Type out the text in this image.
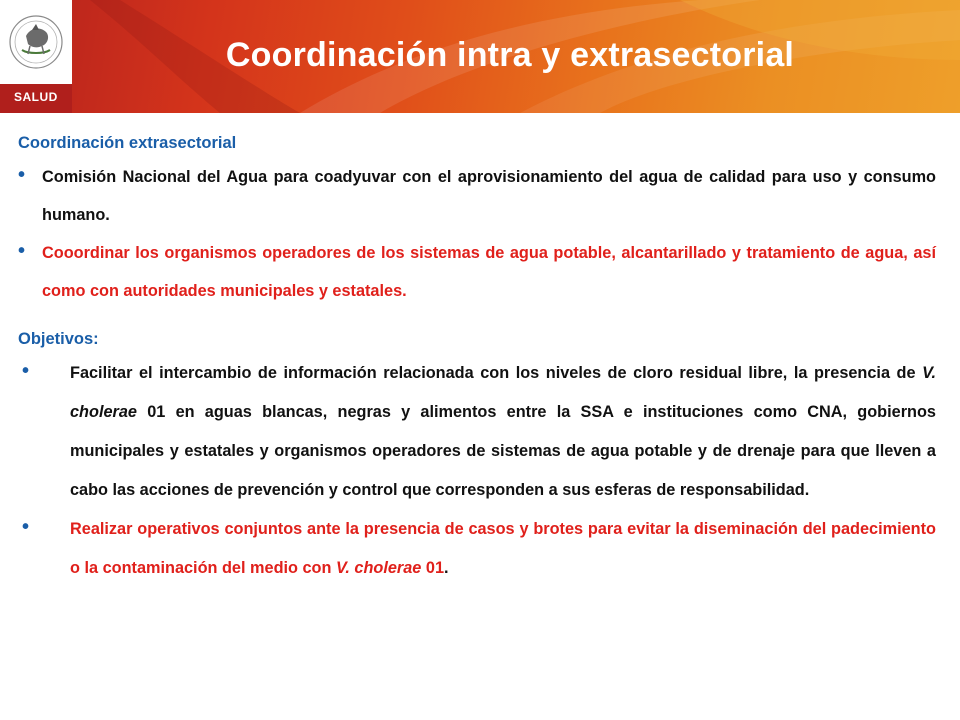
SALUD
Coordinación intra y extrasectorial

Coordinación extrasectorial

•	Comisión Nacional del Agua para coadyuvar con el aprovisionamiento del agua de calidad para uso y consumo humano.
•	Cooordinar los organismos operadores de los sistemas de agua potable, alcantarillado y tratamiento de agua, así como con autoridades municipales y estatales.

Objetivos:

•	Facilitar el intercambio de información relacionada con los niveles de cloro residual libre, la presencia de V. cholerae 01 en aguas blancas, negras y alimentos entre la SSA e instituciones como CNA, gobiernos municipales y estatales y organismos operadores de sistemas de agua potable y de drenaje para que lleven a cabo las acciones de prevención y control que corresponden a sus esferas de responsabilidad.
•	Realizar operativos conjuntos ante la presencia de casos y brotes para evitar la diseminación del padecimiento o la contaminación del medio con V. cholerae 01.
